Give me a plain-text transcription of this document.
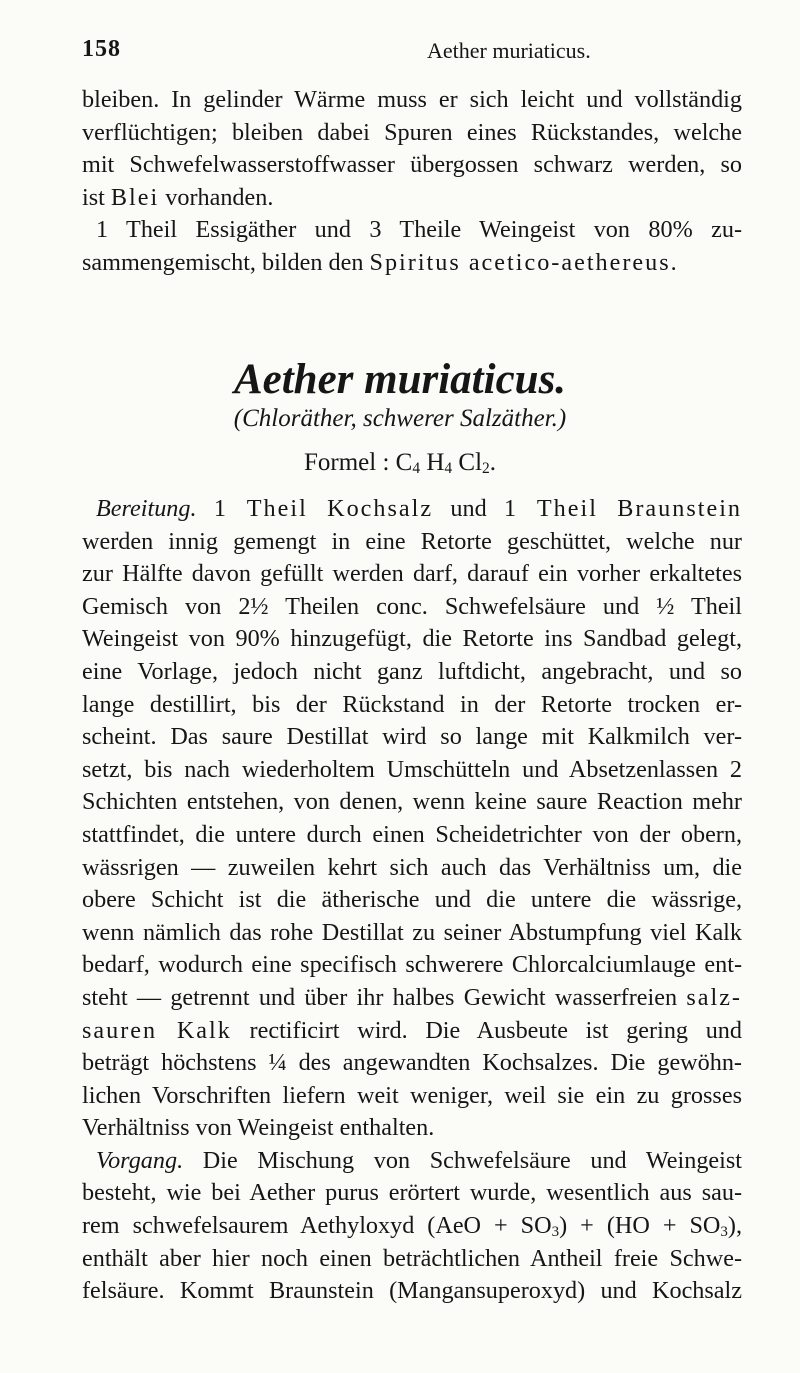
158	Aether muriaticus.
bleiben. In gelinder Wärme muss er sich leicht und vollständig
verflüchtigen; bleiben dabei Spuren eines Rückstandes, welche
mit Schwefelwasserstoffwasser übergossen schwarz werden, so
ist Blei vorhanden.
1 Theil Essigäther und 3 Theile Weingeist von 80% zu-
sammengemischt, bilden den Spiritus acetico-aethereus.
Aether muriaticus.
(Chloräther, schwerer Salzäther.)
Formel : $C_4$ $H_4$ $Cl_2$.
Bereitung. 1 Theil Kochsalz und 1 Theil Braunstein
werden innig gemengt in eine Retorte geschüttet, welche nur
zur Hälfte davon gefüllt werden darf, darauf ein vorher erkaltetes
Gemisch von 2½ Theilen conc. Schwefelsäure und ½ Theil
Weingeist von 90% hinzugefügt, die Retorte ins Sandbad gelegt,
eine Vorlage, jedoch nicht ganz luftdicht, angebracht, und so
lange destillirt, bis der Rückstand in der Retorte trocken er-
scheint. Das saure Destillat wird so lange mit Kalkmilch ver-
setzt, bis nach wiederholtem Umschütteln und Absetzenlassen 2
Schichten entstehen, von denen, wenn keine saure Reaction mehr
stattfindet, die untere durch einen Scheidetrichter von der obern,
wässrigen — zuweilen kehrt sich auch das Verhältniss um, die
obere Schicht ist die ätherische und die untere die wässrige,
wenn nämlich das rohe Destillat zu seiner Abstumpfung viel Kalk
bedarf, wodurch eine specifisch schwerere Chlorcalciumlauge ent-
steht — getrennt und über ihr halbes Gewicht wasserfreien salz-
sauren Kalk rectificirt wird. Die Ausbeute ist gering und
beträgt höchstens ¼ des angewandten Kochsalzes. Die gewöhn-
lichen Vorschriften liefern weit weniger, weil sie ein zu grosses
Verhältniss von Weingeist enthalten.
Vorgang. Die Mischung von Schwefelsäure und Weingeist
besteht, wie bei Aether purus erörtert wurde, wesentlich aus sau-
rem schwefelsaurem Aethyloxyd $(AeO + SO_3) + (HO + SO_3)$,
enthält aber hier noch einen beträchtlichen Antheil freie Schwe-
felsäure. Kommt Braunstein (Mangansuperoxyd) und Kochsalz
